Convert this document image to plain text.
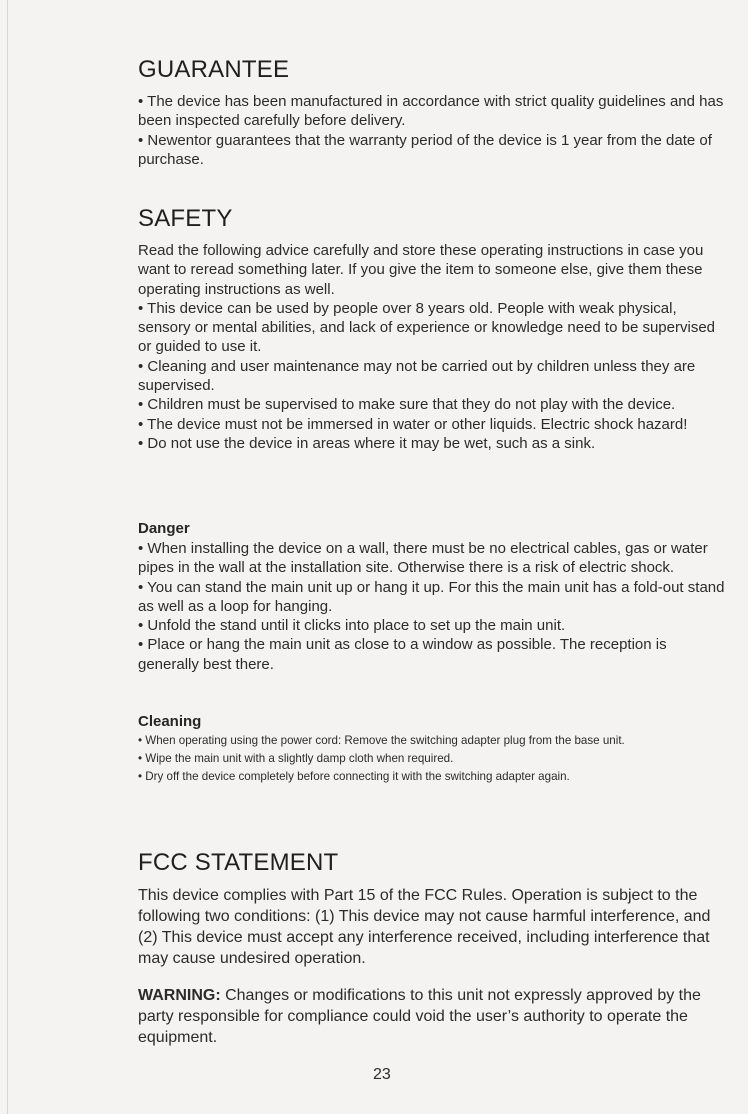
GUARANTEE

• The device has been manufactured in accordance with strict quality guidelines and has been inspected carefully before delivery.

• Newentor guarantees that the warranty period of the device is 1 year from the date of purchase.

SAFETY

Read the following advice carefully and store these operating instructions in case you want to reread something later. If you give the item to someone else, give them these operating instructions as well.

• This device can be used by people over 8 years old. People with weak physical, sensory or mental abilities, and lack of experience or knowledge need to be supervised or guided to use it.

• Cleaning and user maintenance may not be carried out by children unless they are supervised.

• Children must be supervised to make sure that they do not play with the device.

• The device must not be immersed in water or other liquids. Electric shock hazard!

• Do not use the device in areas where it may be wet, such as a sink.

Danger

• When installing the device on a wall, there must be no electrical cables, gas or water pipes in the wall at the installation site. Otherwise there is a risk of electric shock.

• You can stand the main unit up or hang it up. For this the main unit has a fold-out stand as well as a loop for hanging.

• Unfold the stand until it clicks into place to set up the main unit.

• Place or hang the main unit as close to a window as possible. The reception is generally best there.

Cleaning

• When operating using the power cord: Remove the switching adapter plug from the base unit.

• Wipe the main unit with a slightly damp cloth when required.

• Dry off the device completely before connecting it with the switching adapter again.

FCC STATEMENT

This device complies with Part 15 of the FCC Rules. Operation is subject to the following two conditions: (1) This device may not cause harmful interference, and (2) This device must accept any interference received, including interference that may cause undesired operation.

WARNING: Changes or modifications to this unit not expressly approved by the party responsible for compliance could void the user’s authority to operate the equipment.

23
